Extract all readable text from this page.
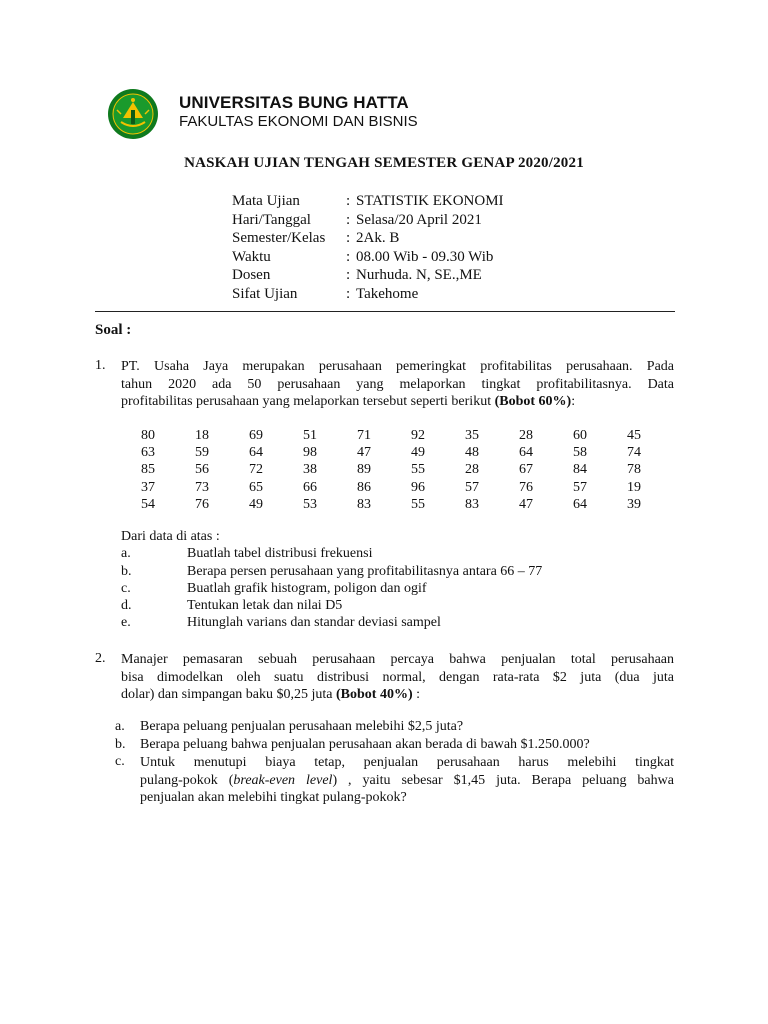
UNIVERSITAS BUNG HATTA
FAKULTAS EKONOMI DAN BISNIS
NASKAH UJIAN TENGAH SEMESTER GENAP 2020/2021
Mata Ujian	: STATISTIK EKONOMI
Hari/Tanggal : Selasa/20 April 2021
Semester/Kelas : 2Ak. B
Waktu	: 08.00 Wib - 09.30 Wib
Dosen	: Nurhuda. N, SE.,ME
Sifat Ujian	: Takehome
Soal :
1. PT. Usaha Jaya merupakan perusahaan pemeringkat profitabilitas perusahaan. Pada
tahun 2020 ada 50 perusahaan yang melaporkan tingkat profitabilitasnya. Data
profitabilitas perusahaan yang melaporkan tersebut seperti berikut (Bobot 60%):
80	18	69	51	71	92	35	28	60	45
63	59	64	98	47	49	48	64	58	74
85	56	72	38	89	55	28	67	84	78
37	73	65	66	86	96	57	76	57	19
54	76	49	53	83	55	83	47	64	39
Dari data di atas :
a.	Buatlah tabel distribusi frekuensi
b.	Berapa persen perusahaan yang profitabilitasnya antara 66 – 77
c.	Buatlah grafik histogram, poligon dan ogif
d.	Tentukan letak dan nilai D5
e.	Hitunglah varians dan standar deviasi sampel
2. Manajer pemasaran sebuah perusahaan percaya bahwa penjualan total perusahaan
bisa dimodelkan oleh suatu distribusi normal, dengan rata-rata $2 juta (dua juta
dolar) dan simpangan baku $0,25 juta (Bobot 40%) :
a. Berapa peluang penjualan perusahaan melebihi $2,5 juta?
b. Berapa peluang bahwa penjualan perusahaan akan berada di bawah $1.250.000?
c. Untuk menutupi biaya tetap, penjualan perusahaan harus melebihi tingkat
pulang-pokok (break-even level) , yaitu sebesar $1,45 juta. Berapa peluang bahwa
penjualan akan melebihi tingkat pulang-pokok?
